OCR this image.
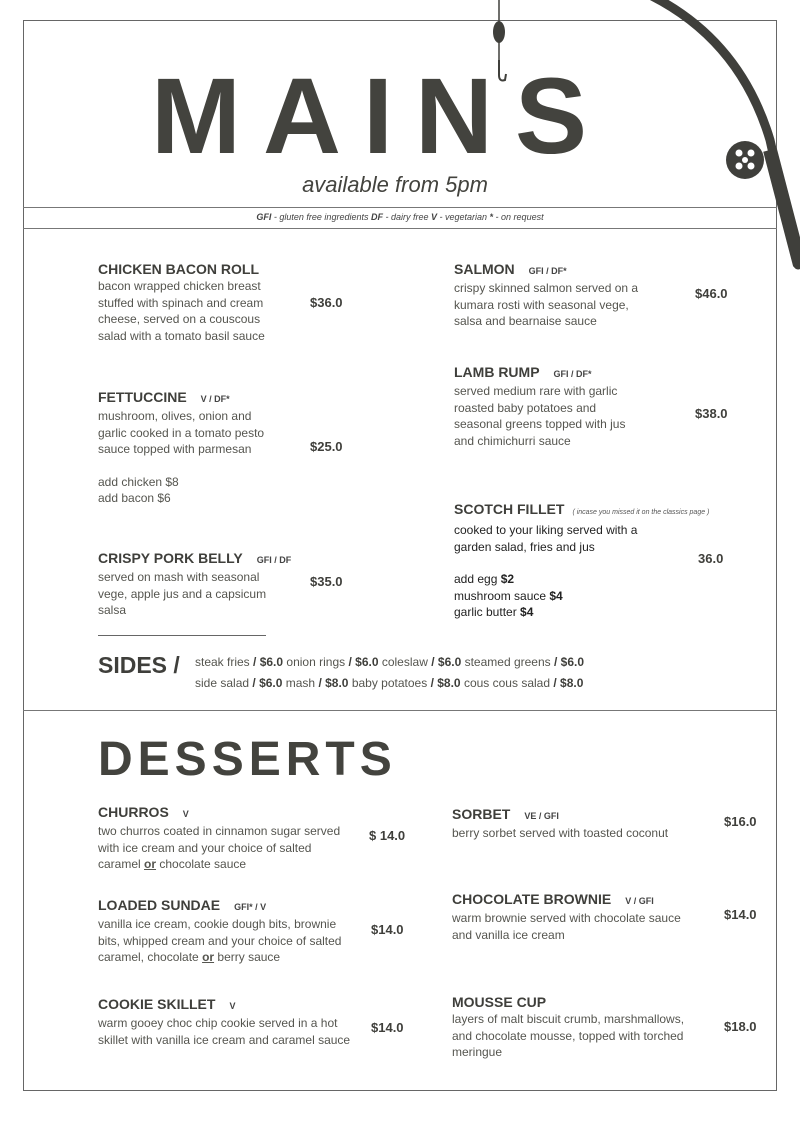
MAINS
available from 5pm
GFI - gluten free ingredients DF - dairy free V - vegetarian * - on request
CHICKEN BACON ROLL
bacon wrapped chicken breast stuffed with spinach and cream cheese, served on a couscous salad with a tomato basil sauce
$36.0
FETTUCCINE V / DF*
mushroom, olives, onion and garlic cooked in a tomato pesto sauce topped with parmesan
add chicken $8
add bacon $6
$25.0
CRISPY PORK BELLY GFI / DF
served on mash with seasonal vege, apple jus and a capsicum salsa
$35.0
SALMON GFI / DF*
crispy skinned salmon served on a kumara rosti with seasonal vege, salsa and bearnaise sauce
$46.0
LAMB RUMP GFI / DF*
served medium rare with garlic roasted baby potatoes and seasonal greens topped with jus and chimichurri sauce
$38.0
SCOTCH FILLET ( incase you missed it on the classics page )
cooked to your liking served with a garden salad, fries and jus
add egg $2
mushroom sauce $4
garlic butter $4
36.0
SIDES / steak fries / $6.0 onion rings / $6.0 coleslaw / $6.0 steamed greens / $6.0
side salad / $6.0 mash / $8.0 baby potatoes / $8.0 cous cous salad / $8.0
DESSERTS
CHURROS V
two churros coated in cinnamon sugar served with ice cream and your choice of salted caramel or chocolate sauce
$ 14.0
LOADED SUNDAE GFI* / V
vanilla ice cream, cookie dough bits, brownie bits, whipped cream and your choice of salted caramel, chocolate or berry sauce
$14.0
COOKIE SKILLET V
warm gooey choc chip cookie served in a hot skillet with vanilla ice cream and caramel sauce
$14.0
SORBET VE / GFI
berry sorbet served with toasted coconut
$16.0
CHOCOLATE BROWNIE V / GFI
warm brownie served with chocolate sauce and vanilla ice cream
$14.0
MOUSSE CUP
layers of malt biscuit crumb, marshmallows, and chocolate mousse, topped with torched meringue
$18.0
